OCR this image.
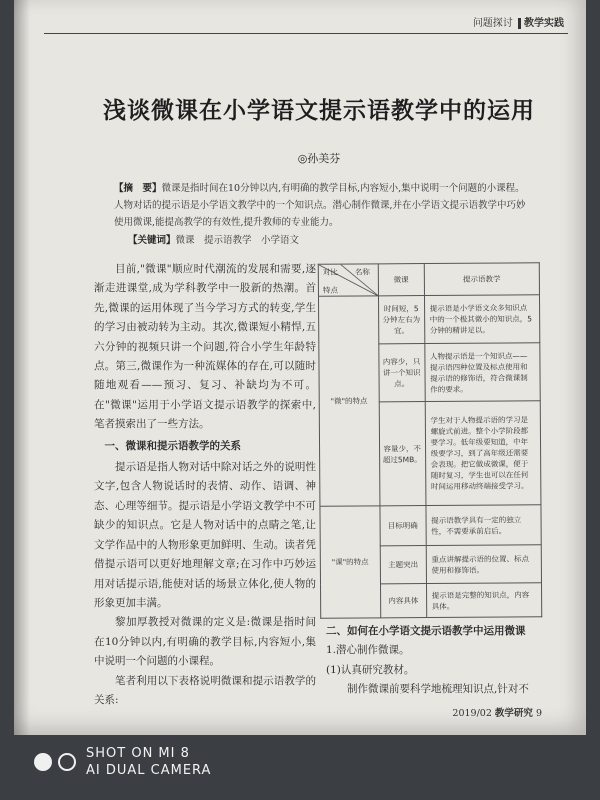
问题探讨 教学实践
浅谈微课在小学语文提示语教学中的运用
◎孙美芬
【摘　要】微课是指时间在10分钟以内,有明确的教学目标,内容短小,集中说明一个问题的小课程。人物对话的提示语是小学语文教学中的一个知识点。潜心制作微课,并在小学语文提示语教学中巧妙使用微课,能提高教学的有效性,提升教师的专业能力。
【关键词】微课　提示语教学　小学语文

目前,"微课"顺应时代潮流的发展和需要,逐渐走进课堂,成为学科教学中一股新的热潮。首先,微课的运用体现了当今学习方式的转变,学生的学习由被动转为主动。其次,微课短小精悍,五六分钟的视频只讲一个问题,符合小学生年龄特点。第三,微课作为一种流媒体的存在,可以随时随地观看——预习、复习、补缺均为不可。在"微课"运用于小学语文提示语教学的探索中,笔者摸索出了一些方法。

一、微课和提示语教学的关系

提示语是指人物对话中除对话之外的说明性文字,包含人物说话时的表情、动作、语调、神态、心理等细节。提示语是小学语文教学中不可缺少的知识点。它是人物对话中的点睛之笔,让文学作品中的人物形象更加鲜明、生动。读者凭借提示语可以更好地理解文章;在习作中巧妙运用对话提示语,能使对话的场景立体化,使人物的形象更加丰满。

黎加厚教授对微课的定义是:微课是指时间在10分钟以内,有明确的教学目标,内容短小,集中说明一个问题的小课程。

笔者利用以下表格说明微课和提示语教学的关系:

对比 名称
特点	微课	提示语教学
"微"的特点	时间短，5分钟左右为宜。	提示语是小学语文众多知识点中的一个极其微小的知识点，5分钟的精讲足以。
	内容少，只讲一个知识点。	人物提示语是一个知识点——提示语四种位置及标点使用和提示语的修饰语，符合微课制作的要求。
	容量少，不超过5MB。	学生对于人物提示语的学习是螺旋式前进。整个小学阶段都要学习。低年级要知道，中年级要学习，到了高年级还需要会表现。把它做成微课，便于随时复习，学生也可以在任何时间运用移动终端接受学习。
"课"的特点	目标明确	提示语教学具有一定的独立性，不需要承前启后。
	主题突出	重点讲解提示语的位置、标点使用和修饰语。
	内容具体	提示语是完整的知识点，内容具体。
二、如何在小学语文提示语教学中运用微课

1.潜心制作微课。

(1)认真研究教材。

制作微课前要科学地梳理知识点,针对不

2019/02 教学研究 9
SHOT ON MI 8
AI DUAL CAMERA
